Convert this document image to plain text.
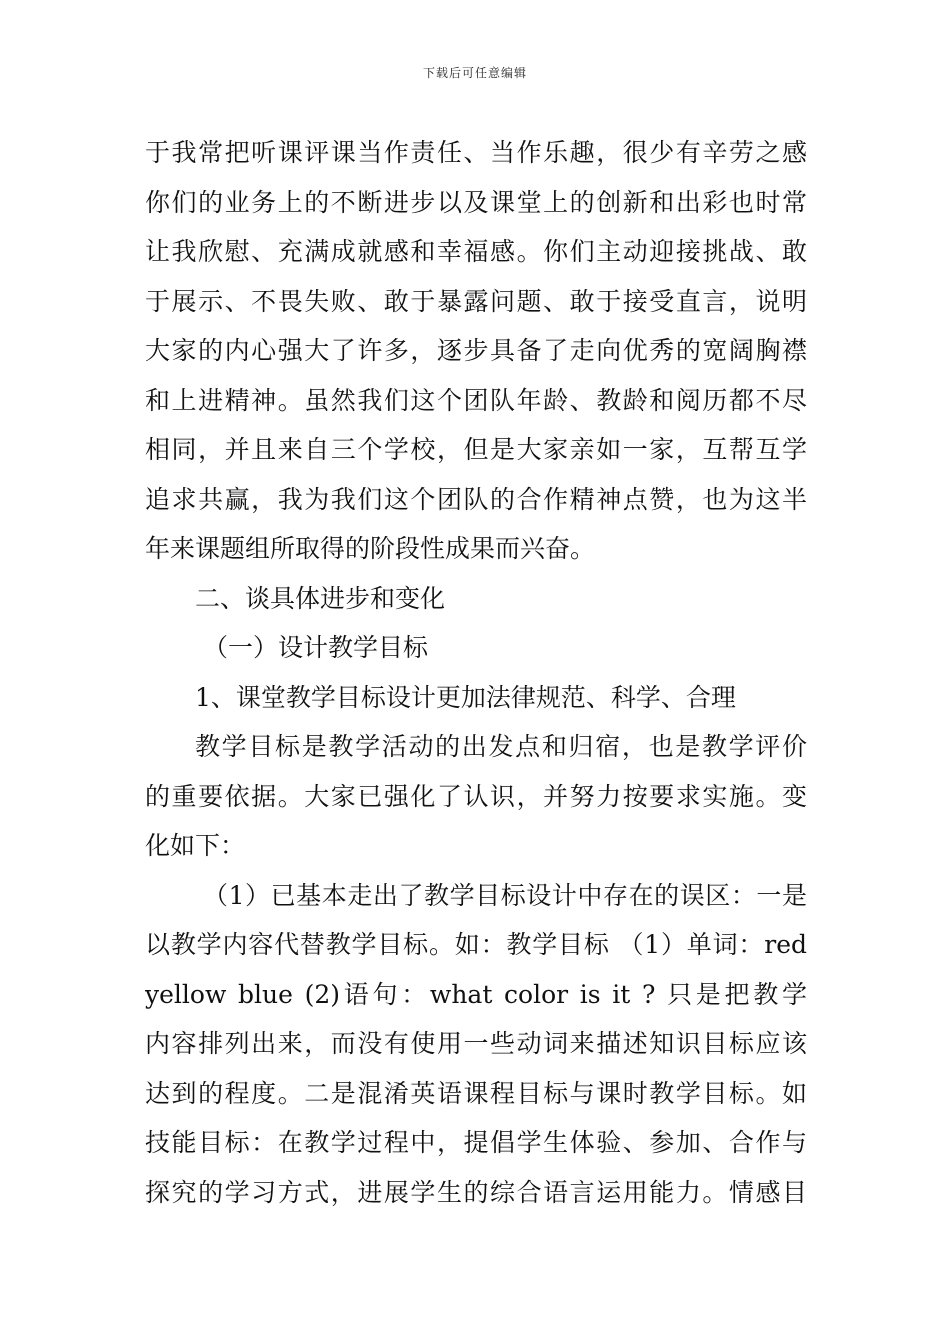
下载后可任意编辑
于我常把听课评课当作责任、当作乐趣，很少有辛劳之感
你们的业务上的不断进步以及课堂上的创新和出彩也时常
让我欣慰、充满成就感和幸福感。你们主动迎接挑战、敢
于展示、不畏失败、敢于暴露问题、敢于接受直言，说明
大家的内心强大了许多，逐步具备了走向优秀的宽阔胸襟
和上进精神。虽然我们这个团队年龄、教龄和阅历都不尽
相同，并且来自三个学校，但是大家亲如一家，互帮互学
追求共赢，我为我们这个团队的合作精神点赞，也为这半
年来课题组所取得的阶段性成果而兴奋。
二、谈具体进步和变化
（一）设计教学目标
1、课堂教学目标设计更加法律规范、科学、合理
教学目标是教学活动的出发点和归宿，也是教学评价
的重要依据。大家已强化了认识，并努力按要求实施。变
化如下：
（1）已基本走出了教学目标设计中存在的误区：一是
以教学内容代替教学目标。如：教学目标 （1）单词：red
yellow blue (2)语句：what color is it ? 只是把教学
内容排列出来，而没有使用一些动词来描述知识目标应该
达到的程度。二是混淆英语课程目标与课时教学目标。如
技能目标：在教学过程中，提倡学生体验、参加、合作与
探究的学习方式，进展学生的综合语言运用能力。情感目
